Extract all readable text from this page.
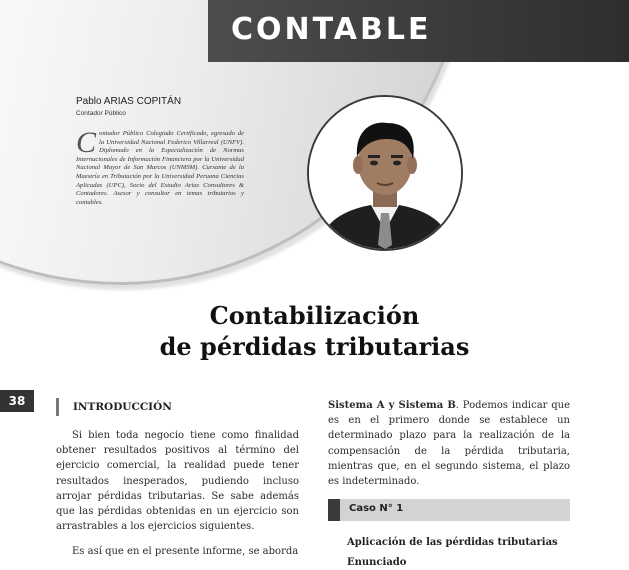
CONTABLE
Pablo ARIAS COPITÁN
Contador Público

Contador Público Colegiado Certificado, egresado de la Universidad Nacional Federico Villarreal (UNFV). Diplomado en la Especialización de Normas Internacionales de Información Financiera por la Universidad Nacional Mayor de San Marcos (UNMSM). Cursante de la Maestría en Tributación por la Universidad Peruana Ciencias Aplicadas (UPC), Socio del Estudio Arias Consultores & Contadores. Asesor y consultor en temas tributarios y contables.

Contabilización
de pérdidas tributarias
38	INTRODUCCIÓN

Si bien toda negocio tiene como finalidad obtener resultados positivos al término del ejercicio comercial, la realidad puede tener resultados inesperados, pudiendo incluso arrojar pérdidas tributarias. Se sabe además que las pérdidas obtenidas en un ejercicio son arrastrables a los ejercicios siguientes.

Es así que en el presente informe, se aborda

Sistema A y Sistema B. Podemos indicar que es en el primero donde se establece un determinado plazo para la realización de la compensación de la pérdida tributaria, mientras que, en el segundo sistema, el plazo es indeterminado.

Caso N° 1

Aplicación de las pérdidas tributarias

Enunciado
